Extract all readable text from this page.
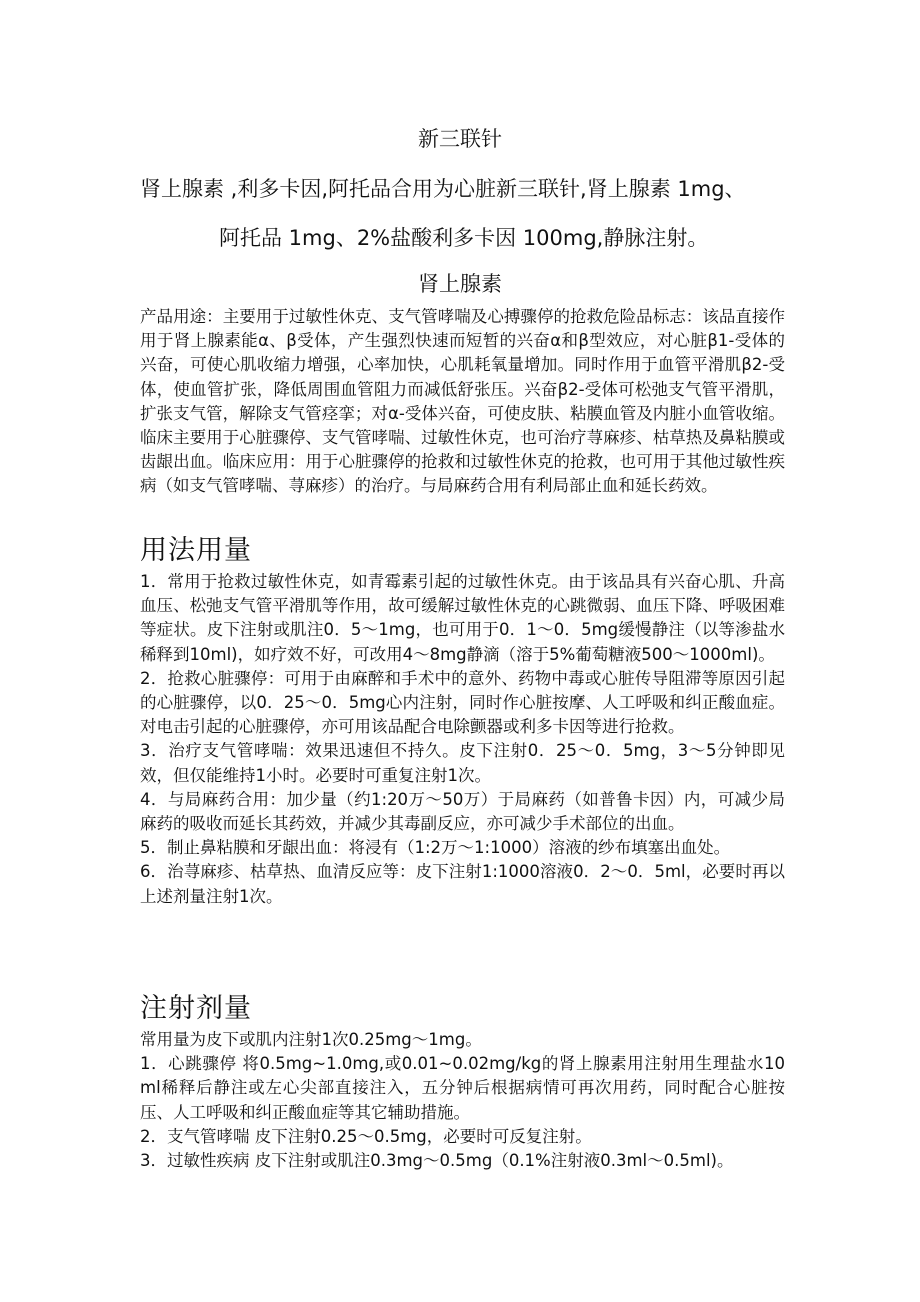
新三联针
肾上腺素 ,利多卡因,阿托品合用为心脏新三联针,肾上腺素 1mg、
阿托品 1mg、2%盐酸利多卡因 100mg,静脉注射。
肾上腺素
产品用途：主要用于过敏性休克、支气管哮喘及心搏骤停的抢救危险品标志：该品直接作用于肾上腺素能α、β受体，产生强烈快速而短暂的兴奋α和β型效应，对心脏β1-受体的兴奋，可使心肌收缩力增强，心率加快，心肌耗氧量增加。同时作用于血管平滑肌β2-受体，使血管扩张，降低周围血管阻力而减低舒张压。兴奋β2-受体可松弛支气管平滑肌，扩张支气管，解除支气管痉挛；对α-受体兴奋，可使皮肤、粘膜血管及内脏小血管收缩。临床主要用于心脏骤停、支气管哮喘、过敏性休克，也可治疗荨麻疹、枯草热及鼻粘膜或齿龈出血。临床应用：用于心脏骤停的抢救和过敏性休克的抢救，也可用于其他过敏性疾病（如支气管哮喘、荨麻疹）的治疗。与局麻药合用有利局部止血和延长药效。
用法用量
1．常用于抢救过敏性休克，如青霉素引起的过敏性休克。由于该品具有兴奋心肌、升高血压、松弛支气管平滑肌等作用，故可缓解过敏性休克的心跳微弱、血压下降、呼吸困难等症状。皮下注射或肌注0．5～1mg，也可用于0．1～0．5mg缓慢静注（以等渗盐水稀释到10ml)，如疗效不好，可改用4～8mg静滴（溶于5%葡萄糖液500～1000ml)。
2．抢救心脏骤停：可用于由麻醉和手术中的意外、药物中毒或心脏传导阻滞等原因引起的心脏骤停，以0．25～0．5mg心内注射，同时作心脏按摩、人工呼吸和纠正酸血症。对电击引起的心脏骤停，亦可用该品配合电除颤器或利多卡因等进行抢救。
3．治疗支气管哮喘：效果迅速但不持久。皮下注射0．25～0．5mg，3～5分钟即见效，但仅能维持1小时。必要时可重复注射1次。
4．与局麻药合用：加少量（约1:20万～50万）于局麻药（如普鲁卡因）内，可减少局麻药的吸收而延长其药效，并减少其毒副反应，亦可减少手术部位的出血。
5．制止鼻粘膜和牙龈出血：将浸有（1:2万～1:1000）溶液的纱布填塞出血处。
6．治荨麻疹、枯草热、血清反应等：皮下注射1:1000溶液0．2～0．5ml，必要时再以上述剂量注射1次。
注射剂量
常用量为皮下或肌内注射1次0.25mg～1mg。
1．心跳骤停 将0.5mg~1.0mg,或0.01~0.02mg/kg的肾上腺素用注射用生理盐水10ml稀释后静注或左心尖部直接注入，五分钟后根据病情可再次用药，同时配合心脏按压、人工呼吸和纠正酸血症等其它辅助措施。
2．支气管哮喘 皮下注射0.25～0.5mg，必要时可反复注射。
3．过敏性疾病 皮下注射或肌注0.3mg～0.5mg（0.1%注射液0.3ml～0.5ml)。
